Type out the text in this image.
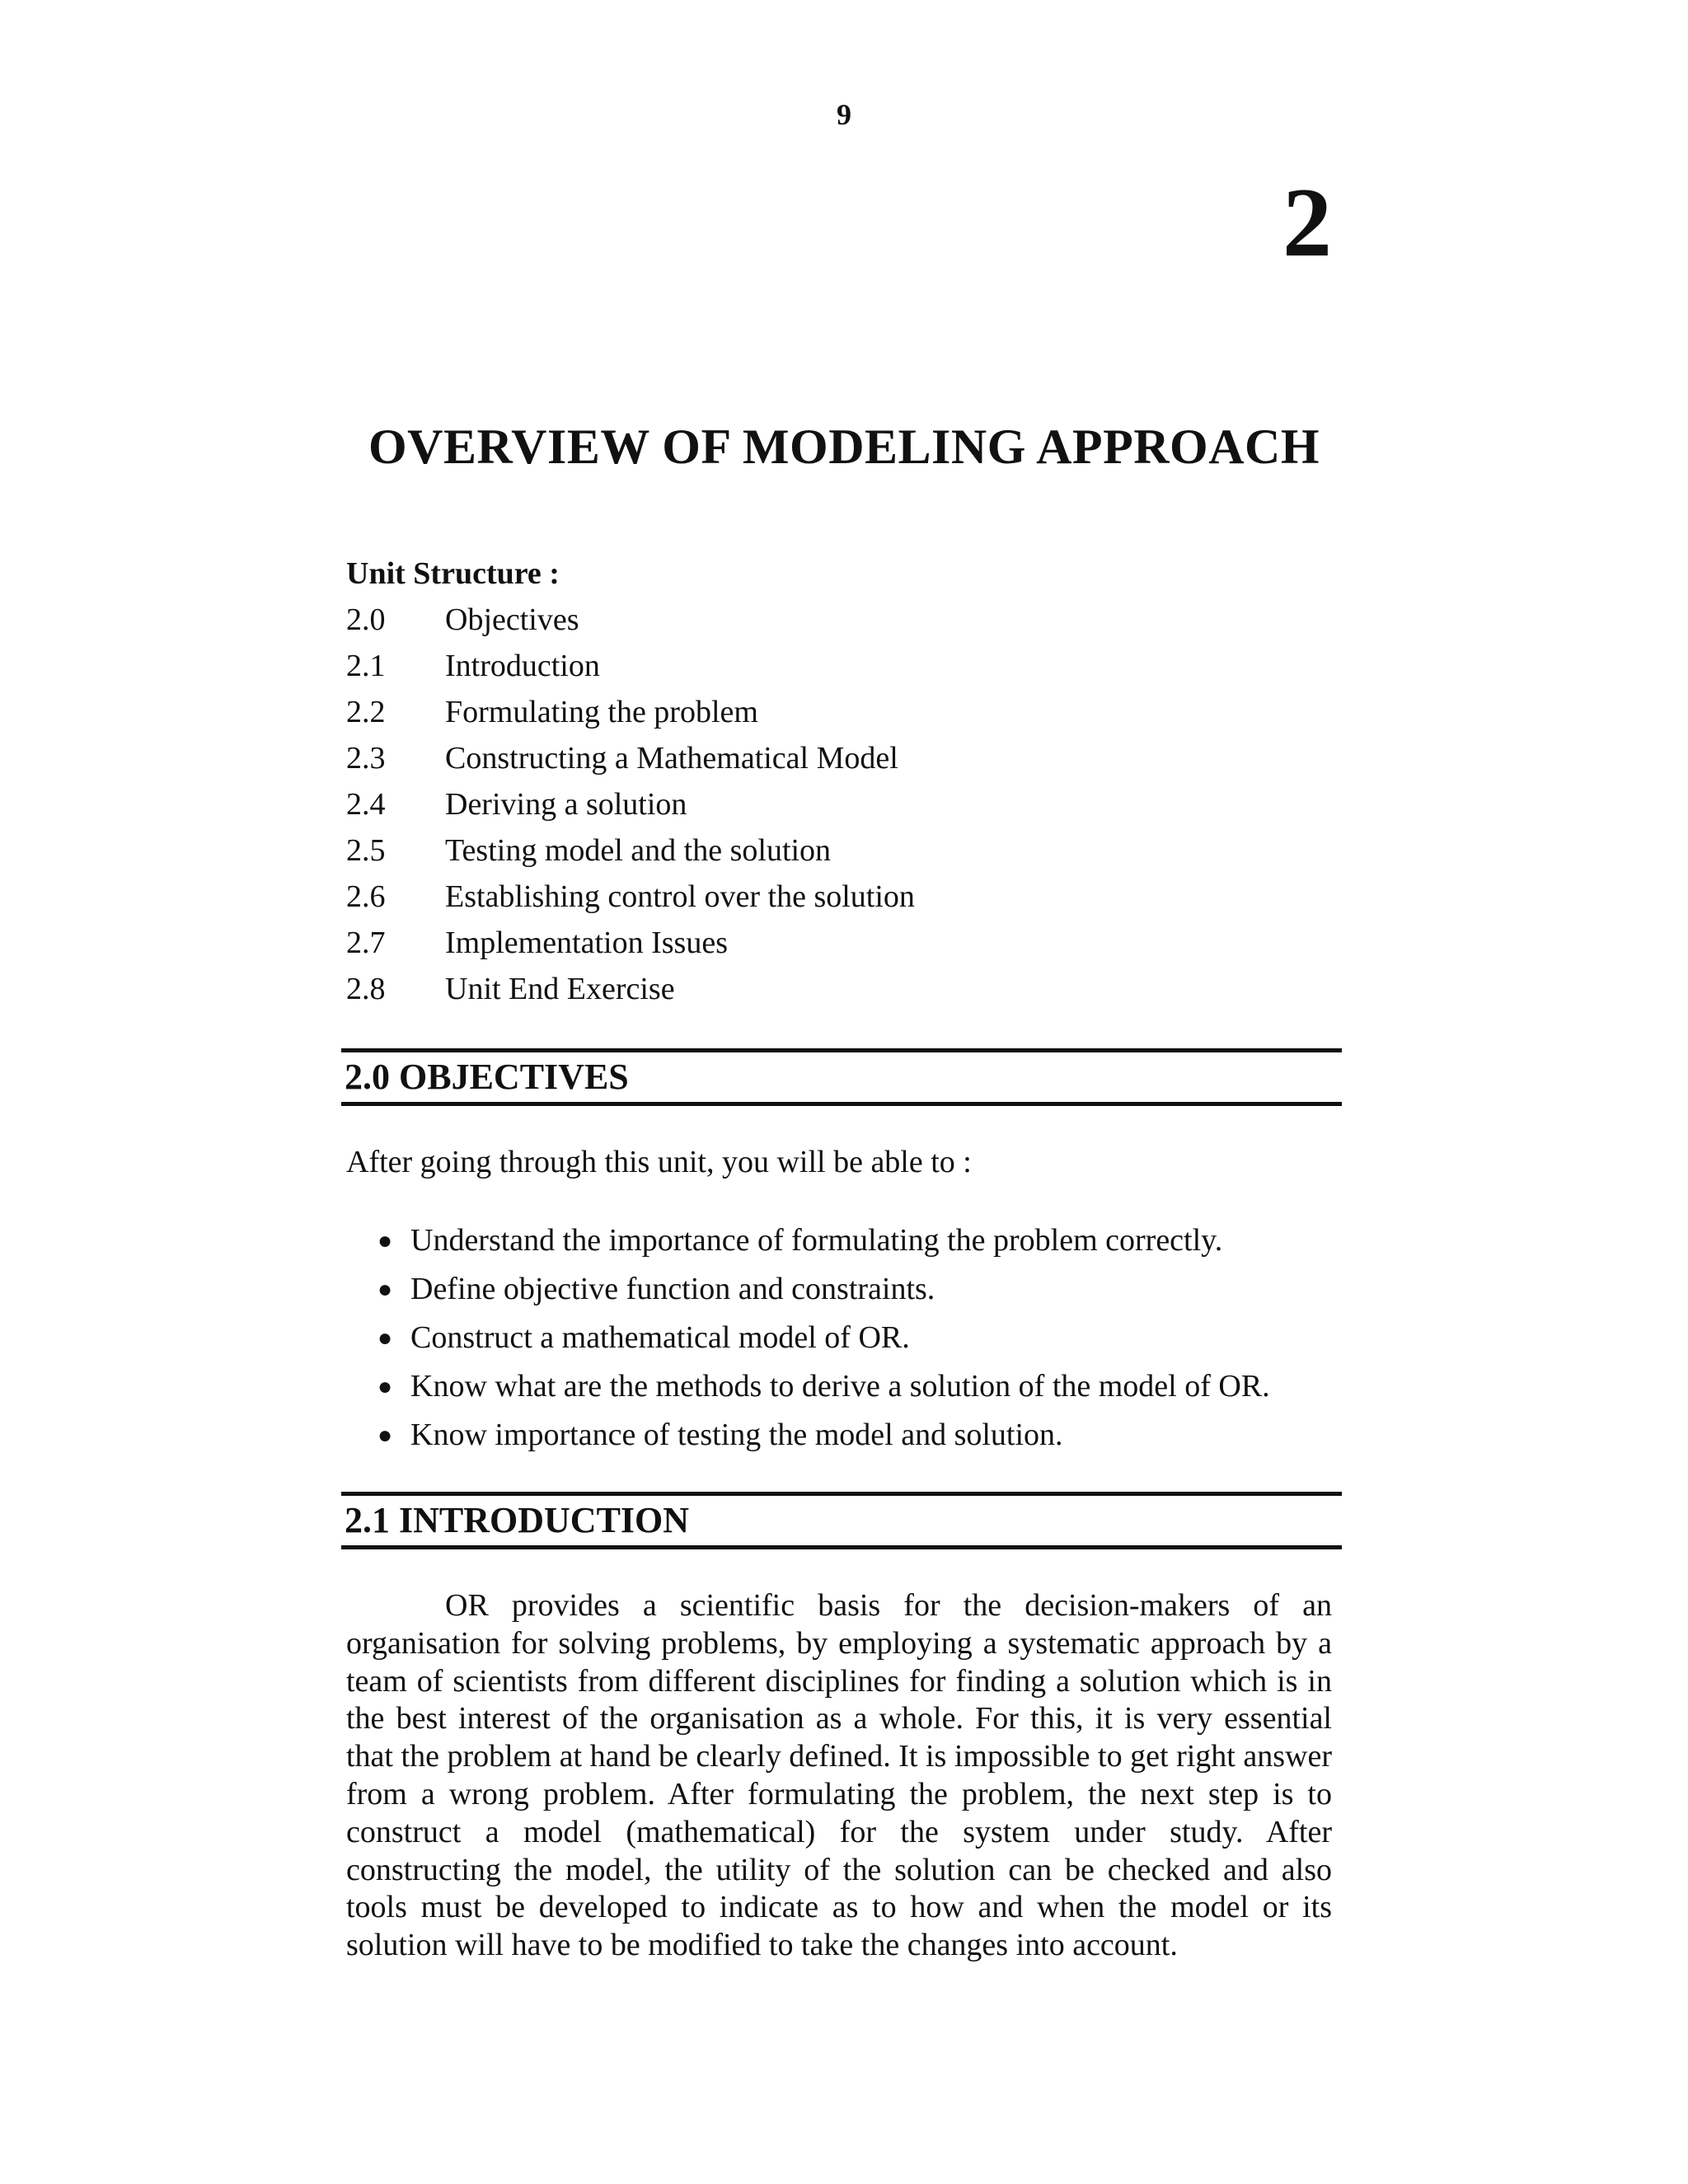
9
2
OVERVIEW OF MODELING APPROACH
Unit Structure :
2.0	Objectives
2.1	Introduction
2.2	Formulating the problem
2.3	Constructing a Mathematical Model
2.4	Deriving a solution
2.5	Testing model and the solution
2.6	Establishing control over the solution
2.7	Implementation Issues
2.8	Unit End Exercise
2.0 OBJECTIVES
After going through this unit, you will be able to :
● Understand the importance of formulating the problem correctly.
● Define objective function and constraints.
● Construct a mathematical model of OR.
● Know what are the methods to derive a solution of the model of OR.
● Know importance of testing the model and solution.
2.1 INTRODUCTION

OR provides a scientific basis for the decision-makers of an organisation for solving problems, by employing a systematic approach by a team of scientists from different disciplines for finding a solution which is in the best interest of the organisation as a whole. For this, it is very essential that the problem at hand be clearly defined. It is impossible to get right answer from a wrong problem. After formulating the problem, the next step is to construct a model (mathematical) for the system under study. After constructing the model, the utility of the solution can be checked and also tools must be developed to indicate as to how and when the model or its solution will have to be modified to take the changes into account.
